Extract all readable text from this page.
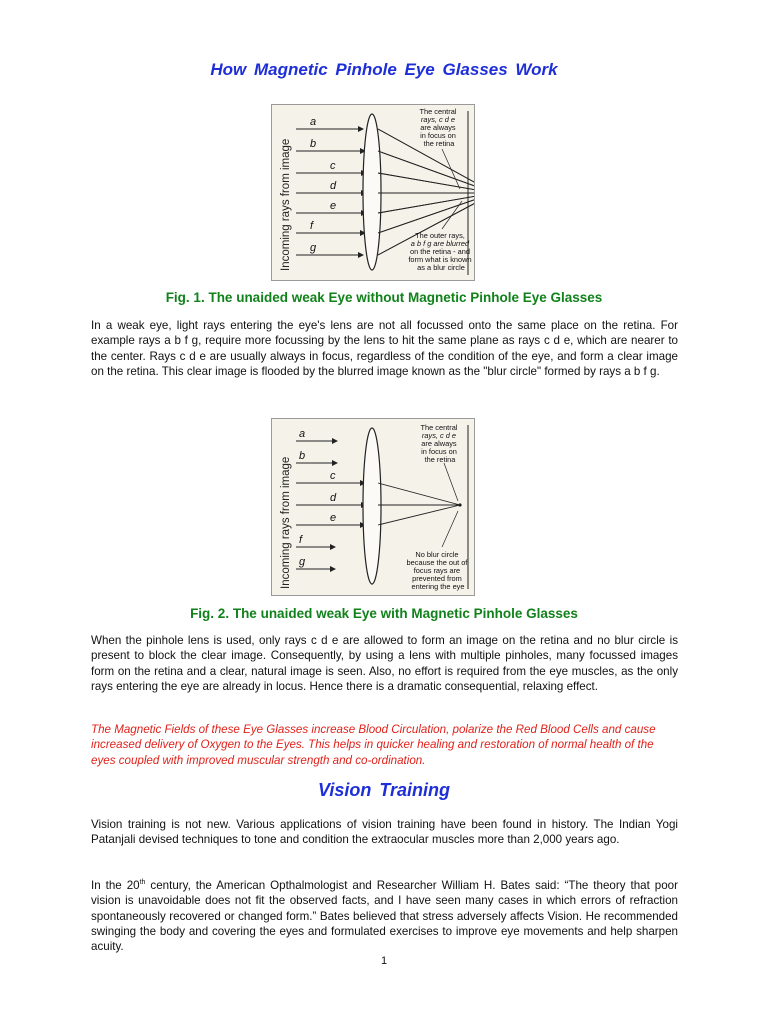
How Magnetic Pinhole Eye Glasses Work
Incoming rays from image
a
b
c
d
e
f
g
The central rays, c d e are always in focus on the retina
The outer rays, a b f g are blurred on the retina - and form what is known as a blur circle
Fig. 1. The unaided weak Eye without Magnetic Pinhole Eye Glasses

In a weak eye, light rays entering the eye's lens are not all focussed onto the same place on the retina. For example rays a b f g, require more focussing by the lens to hit the same plane as rays c d e, which are nearer to the center. Rays c d e are usually always in focus, regardless of the condition of the eye, and form a clear image on the retina. This clear image is flooded by the blurred image known as the "blur circle" formed by rays a b f g.

Incoming rays from image
a
b
c
d
e
f
g
The central rays, c d e are always in focus on the retina
No blur circle because the out of focus rays are prevented from entering the eye
Fig. 2. The unaided weak Eye with Magnetic Pinhole Glasses

When the pinhole lens is used, only rays c d e are allowed to form an image on the retina and no blur circle is present to block the clear image. Consequently, by using a lens with multiple pinholes, many focussed images form on the retina and a clear, natural image is seen. Also, no effort is required from the eye muscles, as the only rays entering the eye are already in locus. Hence there is a dramatic consequential, relaxing effect.

The Magnetic Fields of these Eye Glasses increase Blood Circulation, polarize the Red Blood Cells and cause increased delivery of Oxygen to the Eyes. This helps in quicker healing and restoration of normal health of the eyes coupled with improved muscular strength and co-ordination.

Vision Training

Vision training is not new. Various applications of vision training have been found in history. The Indian Yogi Patanjali devised techniques to tone and condition the extraocular muscles more than 2,000 years ago.

In the 20th century, the American Opthalmologist and Researcher William H. Bates said: “The theory that poor vision is unavoidable does not fit the observed facts, and I have seen many cases in which errors of refraction spontaneously recovered or changed form.” Bates believed that stress adversely affects Vision. He recommended swinging the body and covering the eyes and formulated exercises to improve eye movements and help sharpen acuity.

1
